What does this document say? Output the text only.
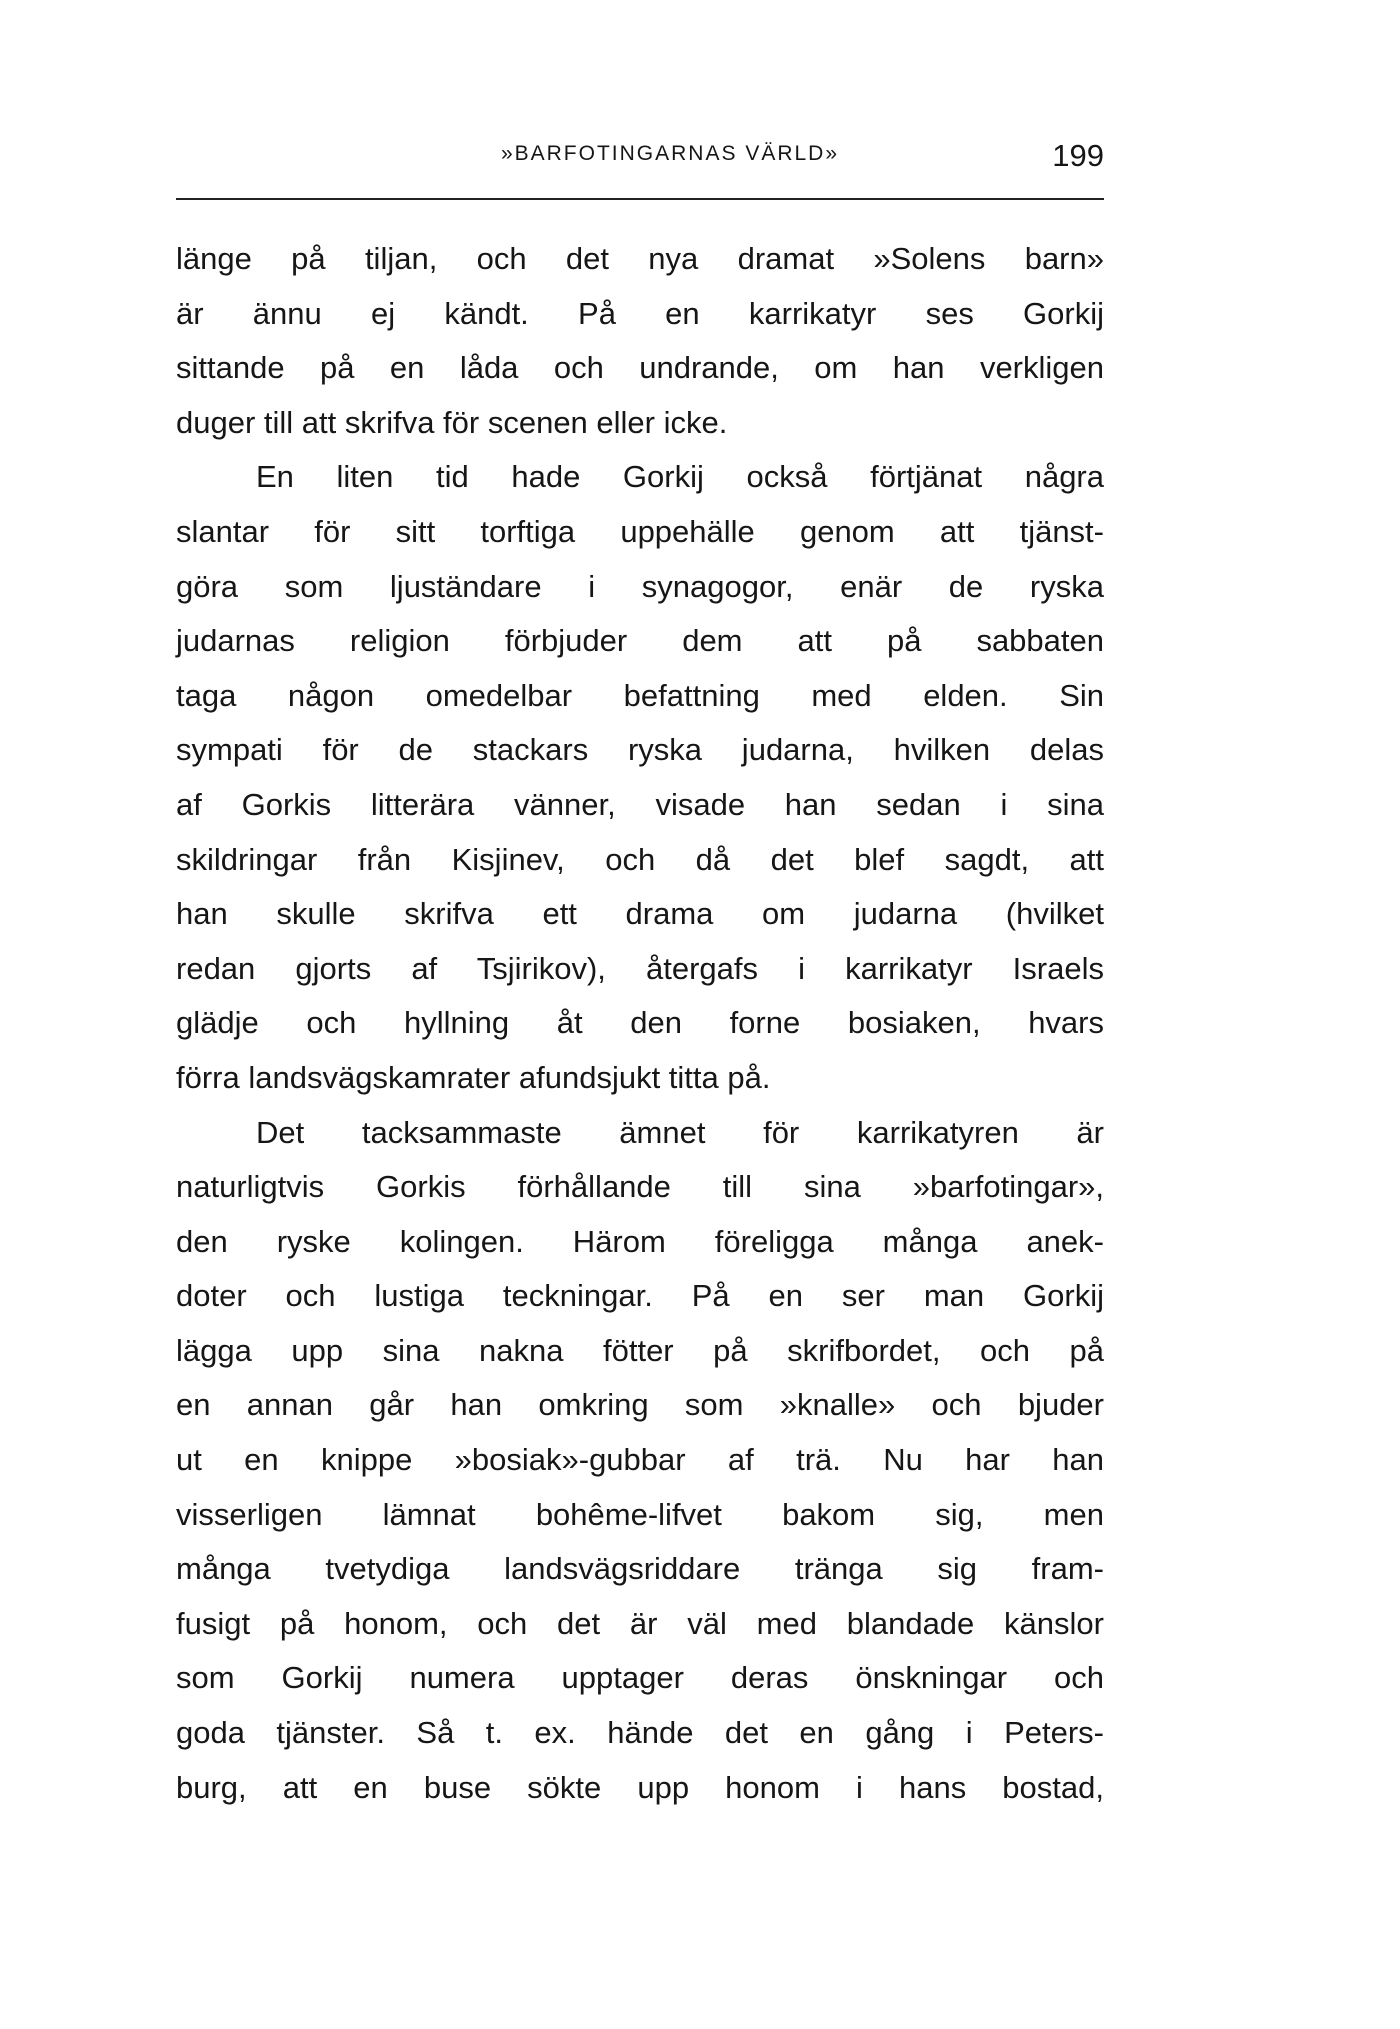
»BARFOTINGARNAS VÄRLD»	199
länge på tiljan, och det nya dramat »Solens barn»
är ännu ej kändt. På en karrikatyr ses Gorkij
sittande på en låda och undrande, om han verkligen
duger till att skrifva för scenen eller icke.
En liten tid hade Gorkij också förtjänat några
slantar för sitt torftiga uppehälle genom att tjänst-
göra som ljuständare i synagogor, enär de ryska
judarnas religion förbjuder dem att på sabbaten
taga någon omedelbar befattning med elden. Sin
sympati för de stackars ryska judarna, hvilken delas
af Gorkis litterära vänner, visade han sedan i sina
skildringar från Kisjinev, och då det blef sagdt, att
han skulle skrifva ett drama om judarna (hvilket
redan gjorts af Tsjirikov), återgafs i karrikatyr Israels
glädje och hyllning åt den forne bosiaken, hvars
förra landsvägskamrater afundsjukt titta på.
Det tacksammaste ämnet för karrikatyren är
naturligtvis Gorkis förhållande till sina »barfotingar»,
den ryske kolingen. Härom föreligga många anek-
doter och lustiga teckningar. På en ser man Gorkij
lägga upp sina nakna fötter på skrifbordet, och på
en annan går han omkring som »knalle» och bjuder
ut en knippe »bosiak»-gubbar af trä. Nu har han
visserligen lämnat bohême-lifvet bakom sig, men
många tvetydiga landsvägsriddare tränga sig fram-
fusigt på honom, och det är väl med blandade känslor
som Gorkij numera upptager deras önskningar och
goda tjänster. Så t. ex. hände det en gång i Peters-
burg, att en buse sökte upp honom i hans bostad,
